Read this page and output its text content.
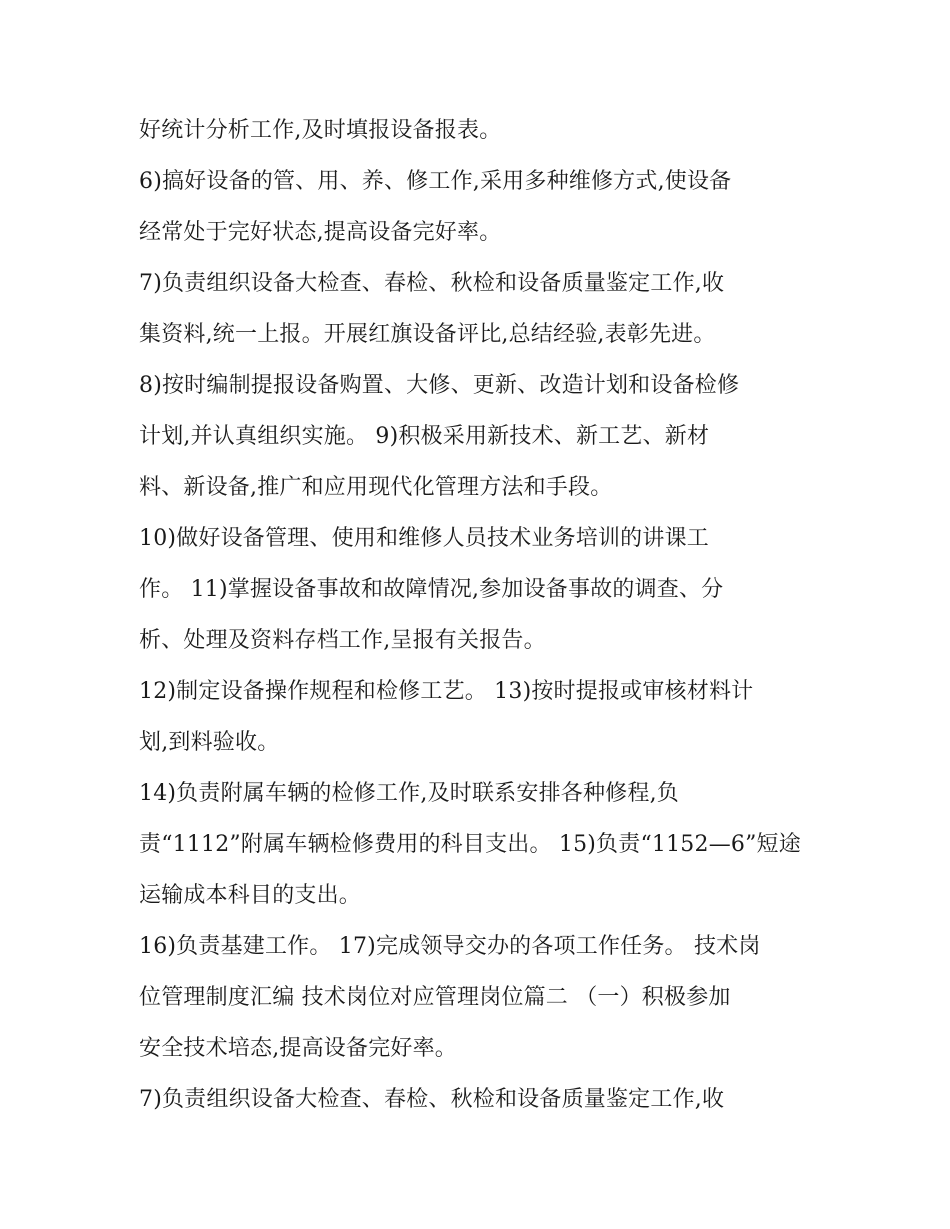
好统计分析工作,及时填报设备报表。
6)搞好设备的管、用、养、修工作,采用多种维修方式,使设备
经常处于完好状态,提高设备完好率。
7)负责组织设备大检查、春检、秋检和设备质量鉴定工作,收
集资料,统一上报。开展红旗设备评比,总结经验,表彰先进。
8)按时编制提报设备购置、大修、更新、改造计划和设备检修
计划,并认真组织实施。 9)积极采用新技术、新工艺、新材
料、新设备,推广和应用现代化管理方法和手段。
10)做好设备管理、使用和维修人员技术业务培训的讲课工
作。 11)掌握设备事故和故障情况,参加设备事故的调查、分
析、处理及资料存档工作,呈报有关报告。
12)制定设备操作规程和检修工艺。 13)按时提报或审核材料计
划,到料验收。
14)负责附属车辆的检修工作,及时联系安排各种修程,负
责“1112”附属车辆检修费用的科目支出。 15)负责“1152—6”短途
运输成本科目的支出。
16)负责基建工作。 17)完成领导交办的各项工作任务。 技术岗
位管理制度汇编 技术岗位对应管理岗位篇二 （一）积极参加
安全技术培态,提高设备完好率。
7)负责组织设备大检查、春检、秋检和设备质量鉴定工作,收
